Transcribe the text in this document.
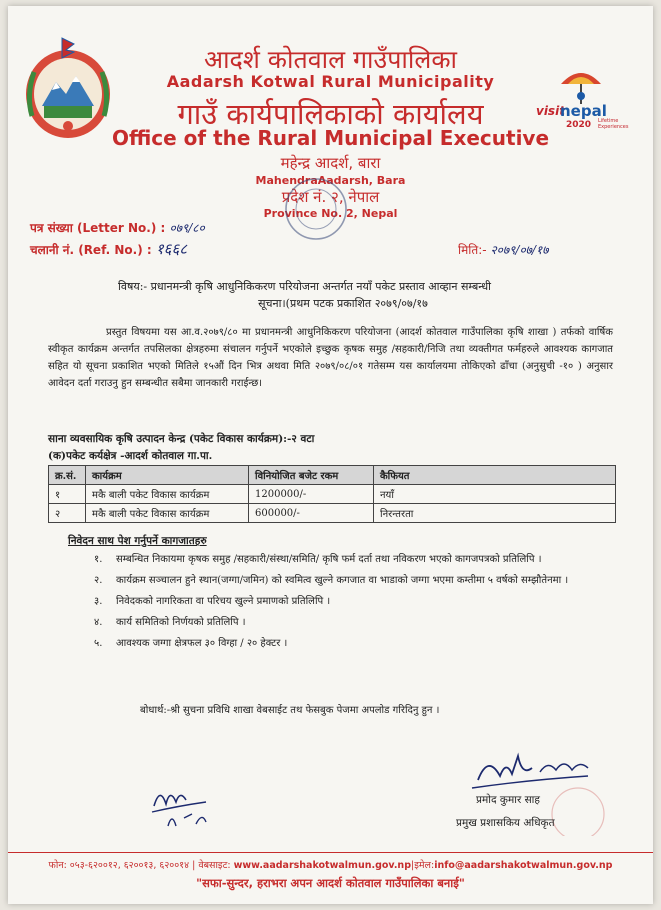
visit
nepal
2020 Lifetime Experiences
आदर्श कोतवाल गाउँपालिका
Aadarsh Kotwal Rural Municipality
गाउँ कार्यपालिकाको कार्यालय
Office of the Rural Municipal Executive
महेन्द्र आदर्श, बारा
MahendraAadarsh, Bara
प्रदेश नं. २, नेपाल
Province No. 2, Nepal
पत्र संख्या (Letter No.) : ०७९/८०
चलानी नं. (Ref. No.) : १६६८	मिति:- २०७९/०७/१७
विषय:- प्रधानमन्त्री कृषि आधुनिकिकरण परियोजना अन्तर्गत नयाँ पकेट प्रस्ताव आव्हान सम्बन्धी
सूचना।(प्रथम पटक प्रकाशित २०७९/०७/१७
प्रस्तुत विषयमा यस आ.व.२०७९/८० मा प्रधानमन्त्री आधुनिकिकरण परियोजना (आदर्श कोतवाल गाउँपालिका कृषि शाखा ) तर्फको वार्षिक स्वीकृत कार्यक्रम अन्तर्गत तपसिलका क्षेत्रहरुमा संचालन गर्नुपर्ने भएकोले इच्छुक कृषक समुह /सहकारी/निजि तथा व्यक्तीगत फर्महरुले आवश्यक कागजात सहित यो सूचना प्रकाशित भएको मितिले १५औं दिन भित्र अथवा मिति २०७९/०८/०१ गतेसम्म यस कार्यालयमा तोकिएको ढाँचा (अनुसुची -१० ) अनुसार आवेदन दर्ता गराउनु हुन सम्बन्धीत सबैमा जानकारी गराईन्छ।
साना व्यवसायिक कृषि उत्पादन केन्द्र (पकेट विकास कार्यक्रम):-२ वटा
(क)पकेट कर्यक्षेत्र -आदर्श कोतवाल गा.पा.
क्र.सं.	कार्यक्रम	विनियोजित बजेट रकम	कैफियत
१	मकै बाली पकेट विकास कार्यक्रम	1200000/-	नयाँ
२	मकै बाली पकेट विकास कार्यक्रम	600000/-	निरन्तरता
निवेदन साथ पेश गर्नुपर्ने कागजातहरु
१. सम्बन्धित निकायमा कृषक समुह /सहकारी/संस्था/समिति/ कृषि फर्म दर्ता तथा नविकरण भएको कागजपत्रको प्रतिलिपि ।
२. कार्यक्रम सञ्चालन हुने स्थान(जग्गा/जमिन) को स्वमित्व खुल्ने कगजात वा भाडाको जग्गा भएमा कम्तीमा ५ वर्षको सम्झौतेनमा ।
३. निवेदकको नागरिकता वा परिचय खुल्ने प्रमाणको प्रतिलिपि ।
४. कार्य समितिको निर्णयको प्रतिलिपि ।
५. आवश्यक जग्गा क्षेत्रफल ३० विग्हा / २० हेक्टर ।
बोधार्थ:-श्री सुचना प्रविधि शाखा वेबसाईट तथ फेसबुक पेजमा अपलोड गरिदिनु हुन ।
प्रमोद कुमार साह
प्रमुख प्रशासकिय अधिकृत
फोन: ०५३-६२००१२, ६२००१३, ६२००१४ | वेबसाइट: www.aadarshakotwalmun.gov.np|इमेल:info@aadarshakotwalmun.gov.np
"सफा-सुन्दर, हराभरा अपन आदर्श कोतवाल गाउँपालिका बनाई"
